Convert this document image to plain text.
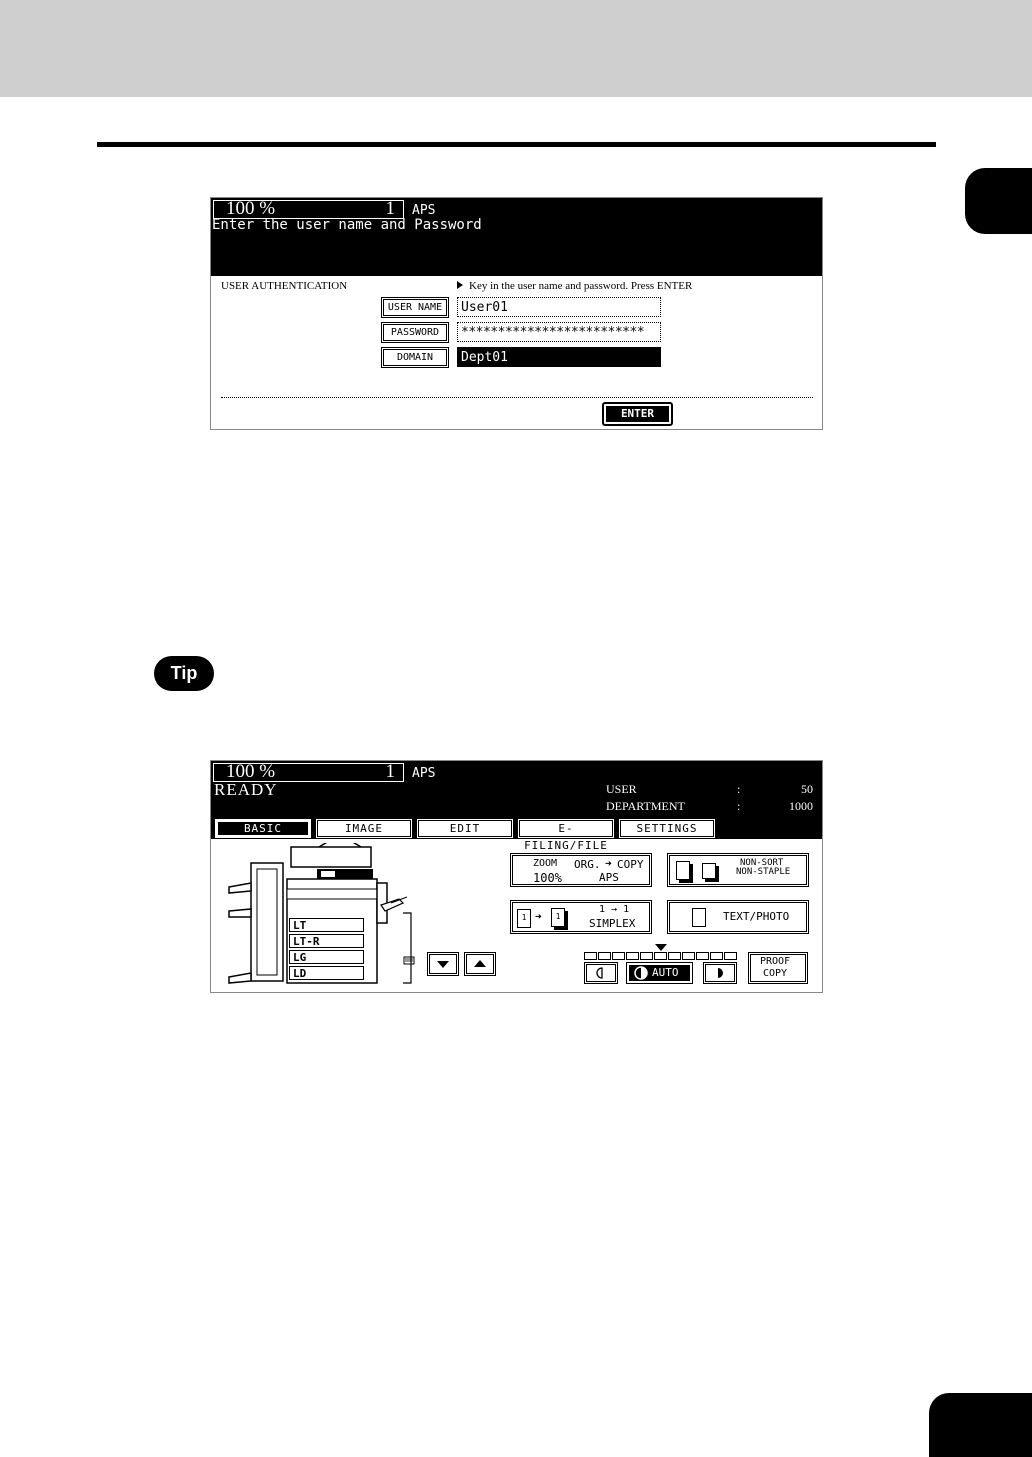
100 %	1 APS
Enter the user name and Password
USER AUTHENTICATION	Key in the user name and password. Press ENTER
USER NAME	User01
PASSWORD	*************************
DOMAIN	Dept01
ENTER
Tip
100 %	1 APS
READY	USER	:	50
DEPARTMENT	:	1000
BASIC	IMAGE	EDIT	E-FILING/FILE
SETTINGS
LT
LT-R
LG
LD
ZOOM
100%
ORG. ➜ COPY
APS
NON-SORT
NON-STAPLE
1 ➜	1
1 → 1
SIMPLEX
TEXT/PHOTO
AUTO
PROOF
COPY
